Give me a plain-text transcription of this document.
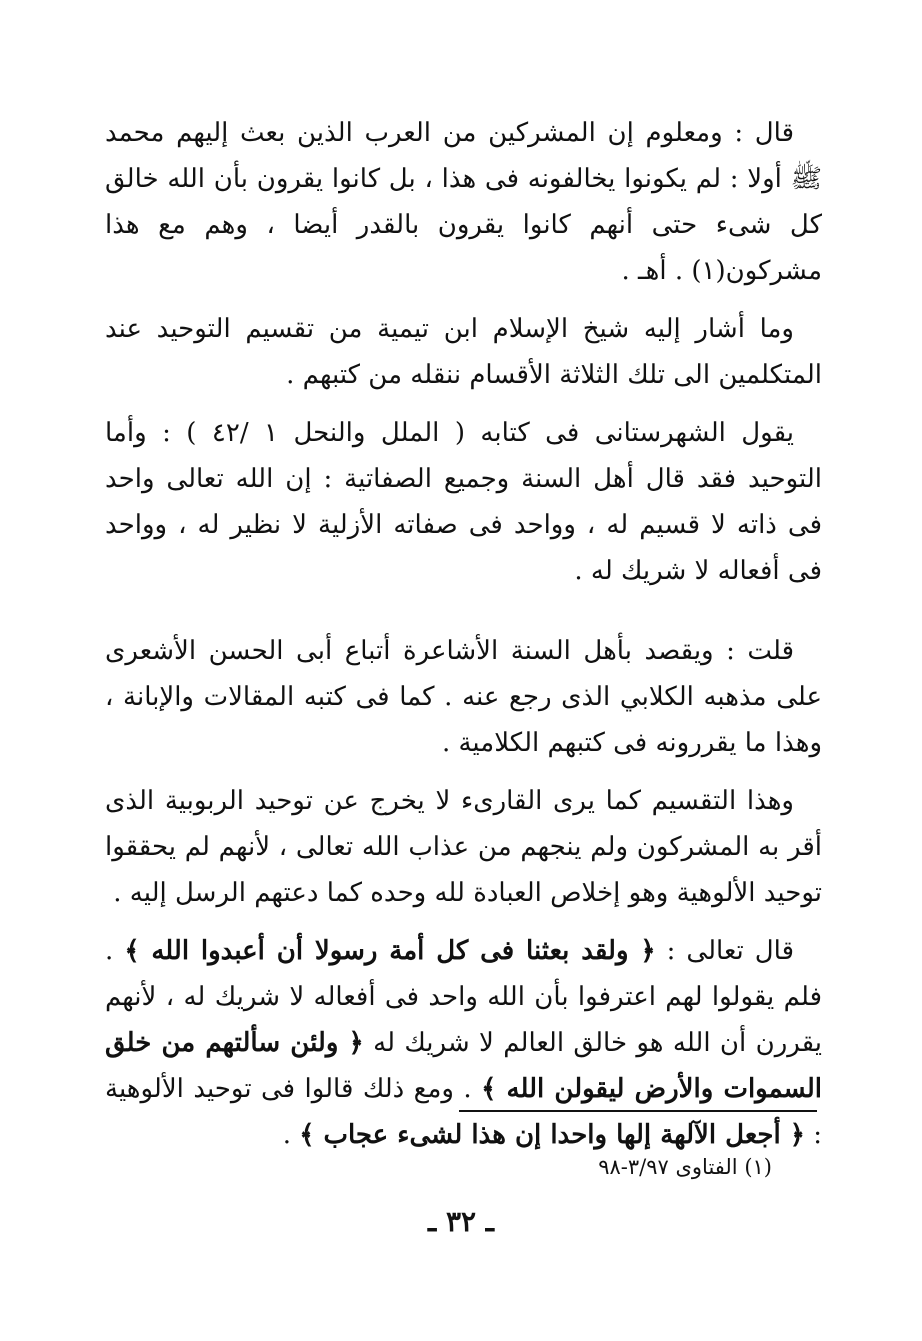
قال : ومعلوم إن المشركين من العرب الذين بعث إليهم محمد ﷺ أولا : لم يكونوا يخالفونه فى هذا ، بل كانوا يقرون بأن الله خالق كل شىء حتى أنهم كانوا يقرون بالقدر أيضا ، وهم مع هذا مشركون(١) . أهـ .

وما أشار إليه شيخ الإسلام ابن تيمية من تقسيم التوحيد عند المتكلمين الى تلك الثلاثة الأقسام ننقله من كتبهم .

يقول الشهرستانى فى كتابه ( الملل والنحل ١ /٤٢ ) : وأما التوحيد فقد قال أهل السنة وجميع الصفاتية : إن الله تعالى واحد فى ذاته لا قسيم له ، وواحد فى صفاته الأزلية لا نظير له ، وواحد فى أفعاله لا شريك له .

قلت : ويقصد بأهل السنة الأشاعرة أتباع أبى الحسن الأشعرى على مذهبه الكلابي الذى رجع عنه . كما فى كتبه المقالات والإبانة ، وهذا ما يقررونه فى كتبهم الكلامية .

وهذا التقسيم كما يرى القارىء لا يخرج عن توحيد الربوبية الذى أقر به المشركون ولم ينجهم من عذاب الله تعالى ، لأنهم لم يحققوا توحيد الألوهية وهو إخلاص العبادة لله وحده كما دعتهم الرسل إليه .

قال تعالى : ﴿ ولقد بعثنا فى كل أمة رسولا أن أعبدوا الله ﴾ . فلم يقولوا لهم اعترفوا بأن الله واحد فى أفعاله لا شريك له ، لأنهم يقررن أن الله هو خالق العالم لا شريك له ﴿ ولئن سألتهم من خلق السموات والأرض ليقولن الله ﴾ . ومع ذلك قالوا فى توحيد الألوهية : ﴿ أجعل الآلهة إلها واحدا إن هذا لشىء عجاب ﴾ .

(١) الفتاوى ٣/٩٧-٩٨
ـ ٣٢ ـ
